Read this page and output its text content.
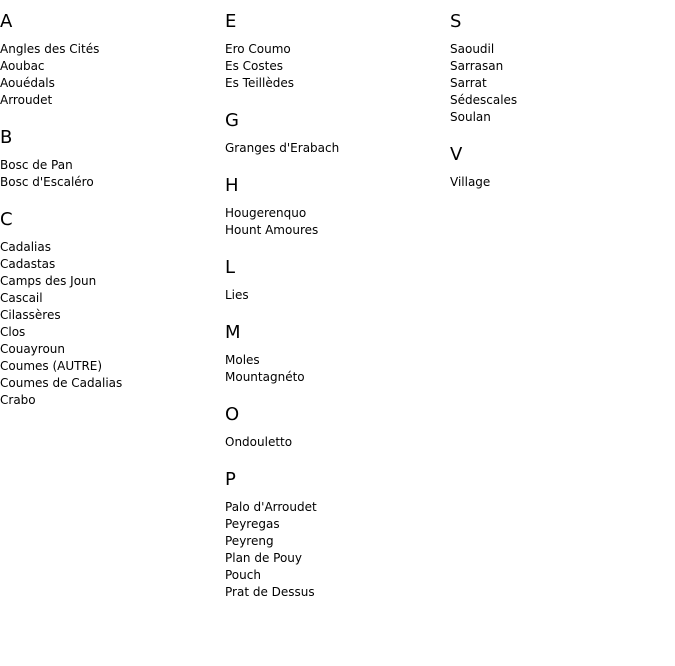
A
Angles des Cités
Aoubac
Aouédals
Arroudet
B
Bosc de Pan
Bosc d'Escaléro
C
Cadalias
Cadastas
Camps des Joun
Cascail
Cilassères
Clos
Couayroun
Coumes (AUTRE)
Coumes de Cadalias
Crabo
E
Ero Coumo
Es Costes
Es Teillèdes
G
Granges d'Erabach
H
Hougerenquo
Hount Amoures
L
Lies
M
Moles
Mountagnéto
O
Ondouletto
P
Palo d'Arroudet
Peyregas
Peyreng
Plan de Pouy
Pouch
Prat de Dessus
S
Saoudil
Sarrasan
Sarrat
Sédescales
Soulan
V
Village
